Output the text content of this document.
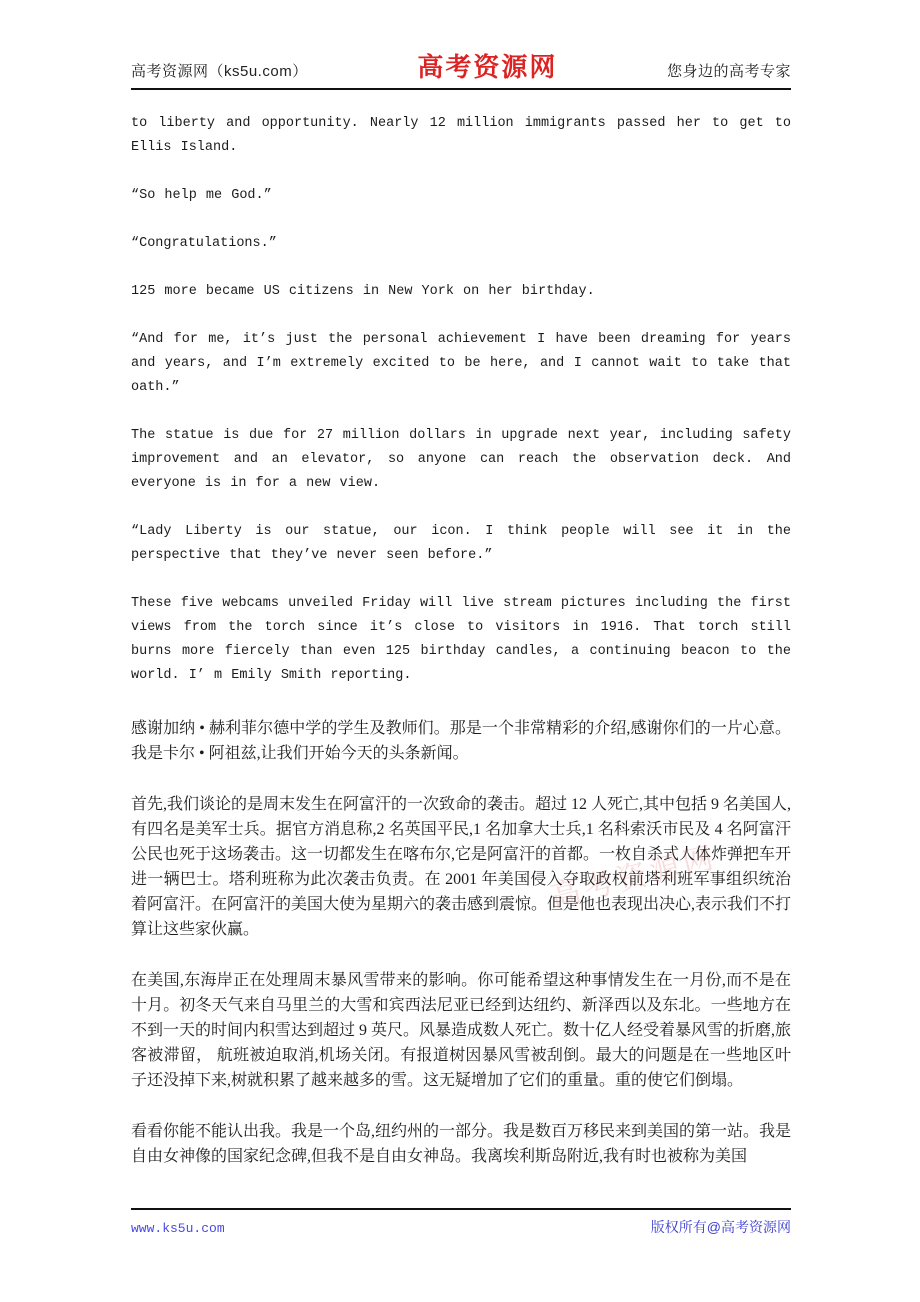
高考资源网（ks5u.com）	高考资源网	您身边的高考专家

to liberty and opportunity. Nearly 12 million immigrants passed her to get to Ellis Island.

“So help me God.”

“Congratulations.”

125 more became US citizens in New York on her birthday.

“And for me, it’s just the personal achievement I have been dreaming for years and years, and I’m extremely excited to be here, and I cannot wait to take that oath.”

The statue is due for 27 million dollars in upgrade next year, including safety improvement and an elevator, so anyone can reach the observation deck. And everyone is in for a new view.

“Lady Liberty is our statue, our icon. I think people will see it in the perspective that they’ve never seen before.”

These five webcams unveiled Friday will live stream pictures including the first views from the torch since it’s close to visitors in 1916. That torch still burns more fiercely than even 125 birthday candles, a continuing beacon to the world. I’ m Emily Smith reporting.

感谢加纳 • 赫利菲尔德中学的学生及教师们。那是一个非常精彩的介绍,感谢你们的一片心意。我是卡尔 • 阿祖兹,让我们开始今天的头条新闻。

首先,我们谈论的是周末发生在阿富汗的一次致命的袭击。超过 12 人死亡,其中包括 9 名美国人,有四名是美军士兵。据官方消息称,2 名英国平民,1 名加拿大士兵,1 名科索沃市民及 4 名阿富汗公民也死于这场袭击。这一切都发生在喀布尔,它是阿富汗的首都。一枚自杀式人体炸弹把车开进一辆巴士。塔利班称为此次袭击负责。在 2001 年美国侵入夺取政权前塔利班军事组织统治着阿富汗。在阿富汗的美国大使为星期六的袭击感到震惊。但是他也表现出决心,表示我们不打算让这些家伙赢。

在美国,东海岸正在处理周末暴风雪带来的影响。你可能希望这种事情发生在一月份,而不是在十月。初冬天气来自马里兰的大雪和宾西法尼亚已经到达纽约、新泽西以及东北。一些地方在不到一天的时间内积雪达到超过 9 英尺。风暴造成数人死亡。数十亿人经受着暴风雪的折磨,旅客被滞留， 航班被迫取消,机场关闭。有报道树因暴风雪被刮倒。最大的问题是在一些地区叶子还没掉下来,树就积累了越来越多的雪。这无疑增加了它们的重量。重的使它们倒塌。

看看你能不能认出我。我是一个岛,纽约州的一部分。我是数百万移民来到美国的第一站。我是自由女神像的国家纪念碑,但我不是自由女神岛。我离埃利斯岛附近,我有时也被称为美国

高考资源网
www.ks5u.com	版权所有@高考资源网
